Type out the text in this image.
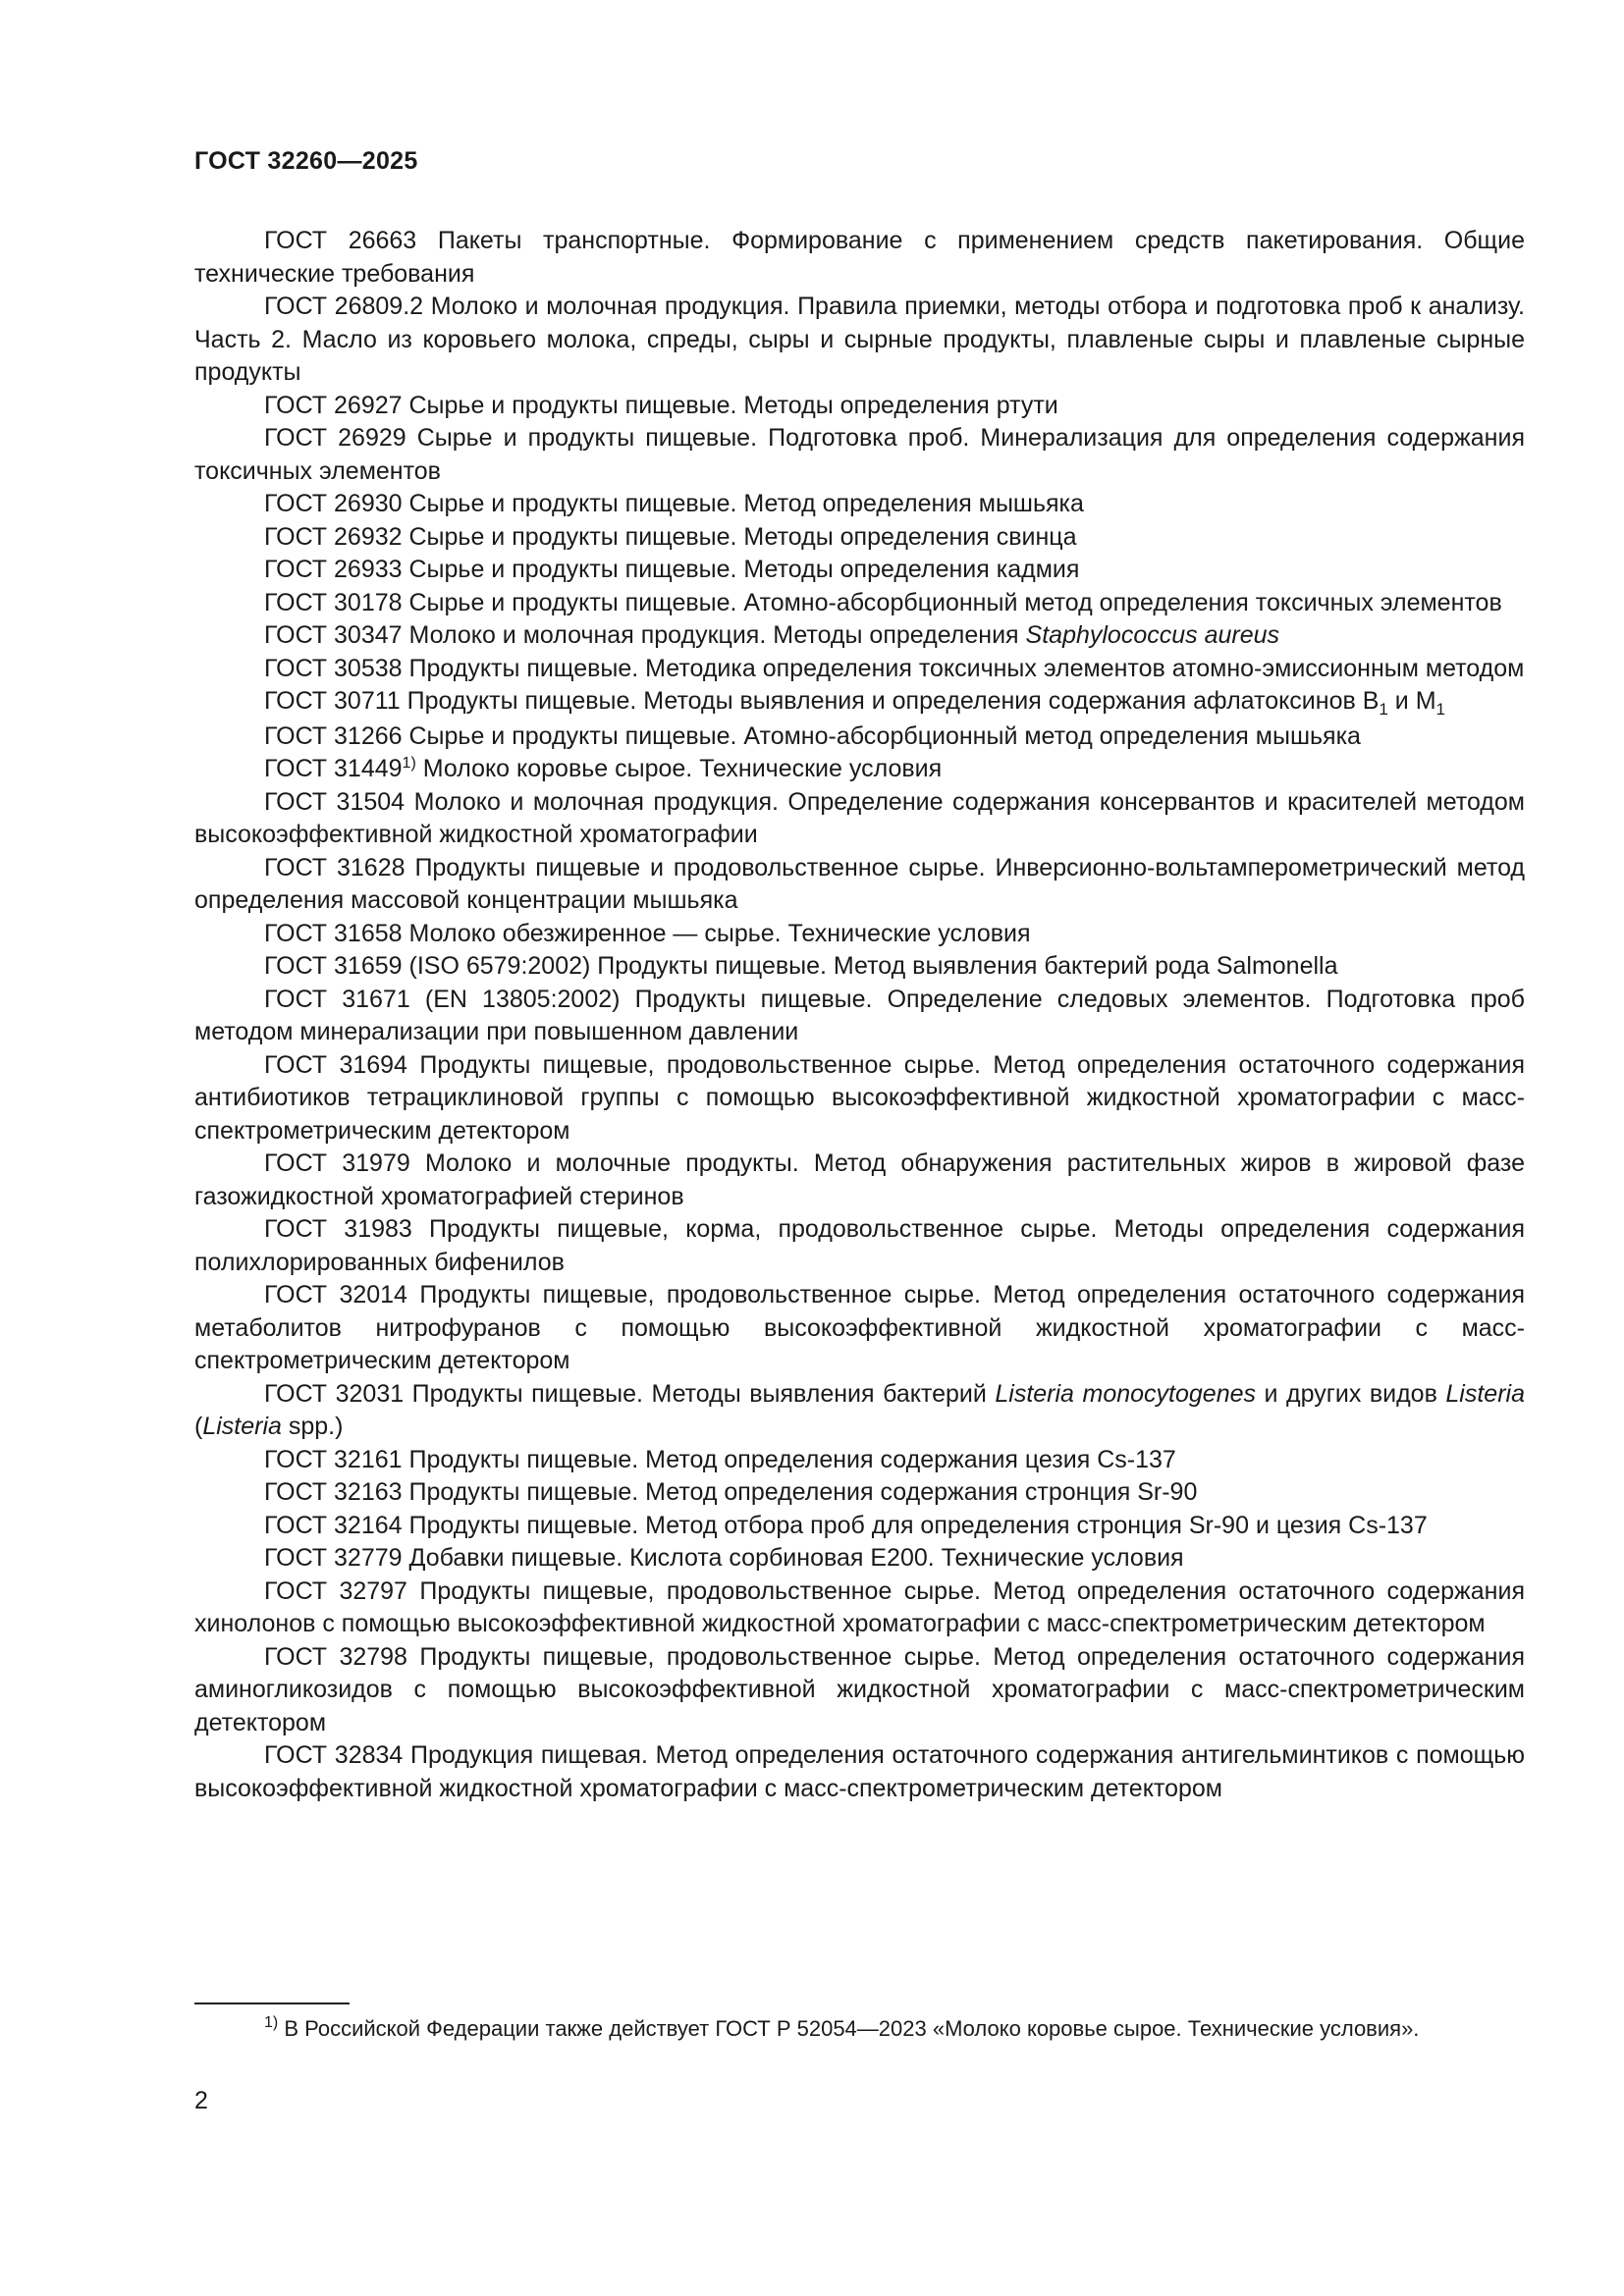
ГОСТ 32260—2025

ГОСТ 26663 Пакеты транспортные. Формирование с применением средств пакетирования. Общие технические требования

ГОСТ 26809.2 Молоко и молочная продукция. Правила приемки, методы отбора и подготовка проб к анализу. Часть 2. Масло из коровьего молока, спреды, сыры и сырные продукты, плавленые сыры и плавленые сырные продукты

ГОСТ 26927 Сырье и продукты пищевые. Методы определения ртути

ГОСТ 26929 Сырье и продукты пищевые. Подготовка проб. Минерализация для определения содержания токсичных элементов

ГОСТ 26930 Сырье и продукты пищевые. Метод определения мышьяка

ГОСТ 26932 Сырье и продукты пищевые. Методы определения свинца

ГОСТ 26933 Сырье и продукты пищевые. Методы определения кадмия

ГОСТ 30178 Сырье и продукты пищевые. Атомно-абсорбционный метод определения токсичных элементов

ГОСТ 30347 Молоко и молочная продукция. Методы определения Staphylococcus aureus

ГОСТ 30538 Продукты пищевые. Методика определения токсичных элементов атомно-эмиссионным методом

ГОСТ 30711 Продукты пищевые. Методы выявления и определения содержания афлатоксинов $B_1$ и $M_1$

ГОСТ 31266 Сырье и продукты пищевые. Атомно-абсорбционный метод определения мышьяка

ГОСТ 31449$^{1)}$ Молоко коровье сырое. Технические условия

ГОСТ 31504 Молоко и молочная продукция. Определение содержания консервантов и красителей методом высокоэффективной жидкостной хроматографии

ГОСТ 31628 Продукты пищевые и продовольственное сырье. Инверсионно-вольтамперометрический метод определения массовой концентрации мышьяка

ГОСТ 31658 Молоко обезжиренное — сырье. Технические условия

ГОСТ 31659 (ISO 6579:2002) Продукты пищевые. Метод выявления бактерий рода Salmonella

ГОСТ 31671 (EN 13805:2002) Продукты пищевые. Определение следовых элементов. Подготовка проб методом минерализации при повышенном давлении

ГОСТ 31694 Продукты пищевые, продовольственное сырье. Метод определения остаточного содержания антибиотиков тетрациклиновой группы с помощью высокоэффективной жидкостной хроматографии с масс-спектрометрическим детектором

ГОСТ 31979 Молоко и молочные продукты. Метод обнаружения растительных жиров в жировой фазе газожидкостной хроматографией стеринов

ГОСТ 31983 Продукты пищевые, корма, продовольственное сырье. Методы определения содержания полихлорированных бифенилов

ГОСТ 32014 Продукты пищевые, продовольственное сырье. Метод определения остаточного содержания метаболитов нитрофуранов с помощью высокоэффективной жидкостной хроматографии с масс-спектрометрическим детектором

ГОСТ 32031 Продукты пищевые. Методы выявления бактерий Listeria monocytogenes и других видов Listeria (Listeria spp.)

ГОСТ 32161 Продукты пищевые. Метод определения содержания цезия Cs-137

ГОСТ 32163 Продукты пищевые. Метод определения содержания стронция Sr-90

ГОСТ 32164 Продукты пищевые. Метод отбора проб для определения стронция Sr-90 и цезия Cs-137

ГОСТ 32779 Добавки пищевые. Кислота сорбиновая E200. Технические условия

ГОСТ 32797 Продукты пищевые, продовольственное сырье. Метод определения остаточного содержания хинолонов с помощью высокоэффективной жидкостной хроматографии с масс-спектрометрическим детектором

ГОСТ 32798 Продукты пищевые, продовольственное сырье. Метод определения остаточного содержания аминогликозидов с помощью высокоэффективной жидкостной хроматографии с масс-спектрометрическим детектором

ГОСТ 32834 Продукция пищевая. Метод определения остаточного содержания антигельминтиков с помощью высокоэффективной жидкостной хроматографии с масс-спектрометрическим детектором

$^{1)}$ В Российской Федерации также действует ГОСТ Р 52054—2023 «Молоко коровье сырое. Технические условия».
2
